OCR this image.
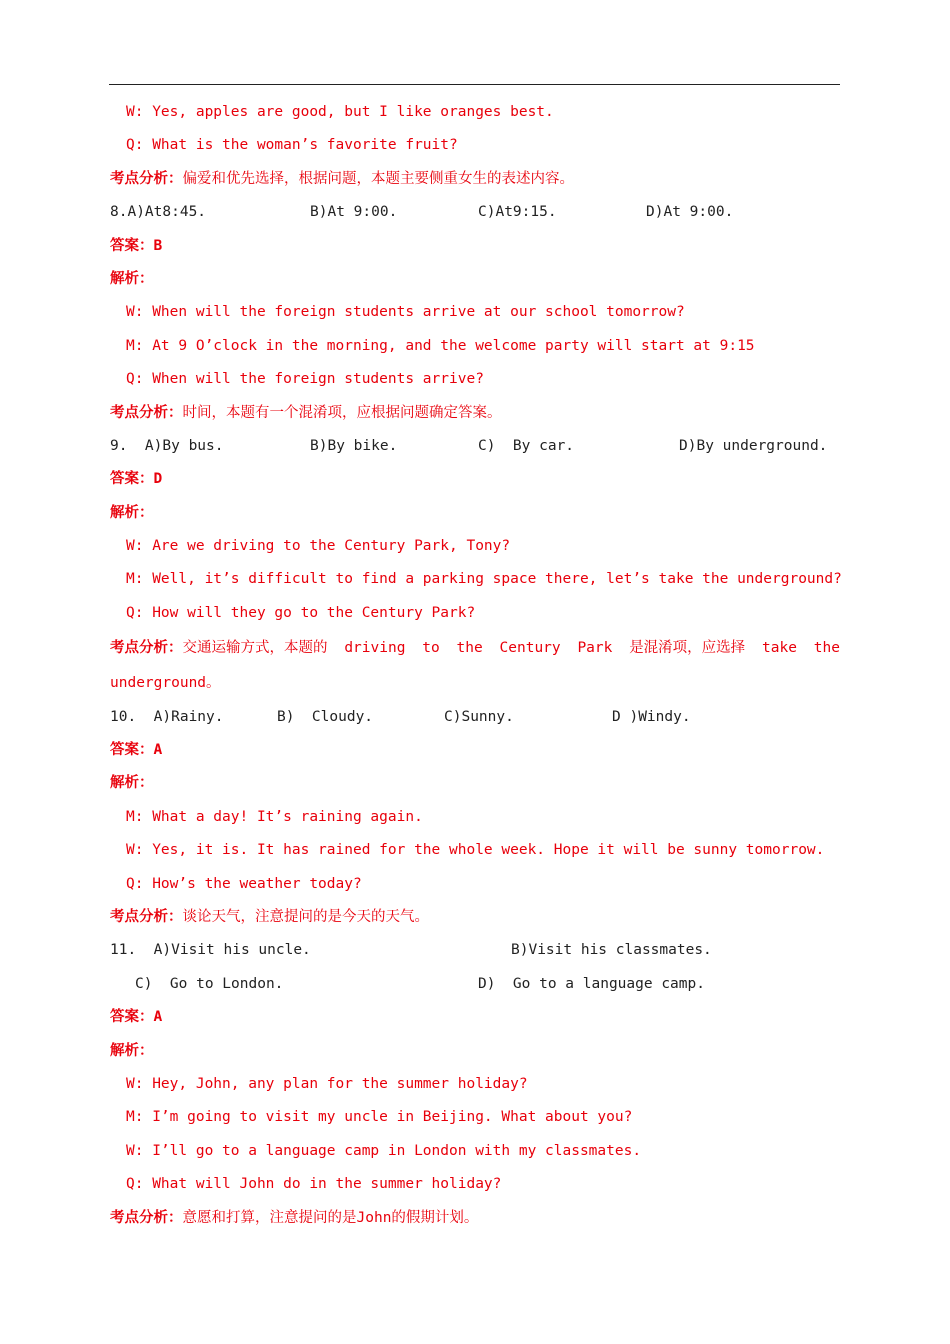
W: Yes, apples are good, but I like oranges best.
Q: What is the woman’s favorite fruit?
考点分析：偏爱和优先选择，根据问题，本题主要侧重女生的表述内容。
8.A)At8:45.	B)At 9:00.	C)At9:15.	D)At 9:00.
答案：B
解析：
W: When will the foreign students arrive at our school tomorrow?
M: At 9 O’clock in the morning, and the welcome party will start at 9:15
Q: When will the foreign students arrive?
考点分析：时间，本题有一个混淆项，应根据问题确定答案。
9.  A)By bus.	B)By bike.	C)  By car.	D)By underground.
答案：D
解析：
W: Are we driving to the Century Park, Tony?
M: Well, it’s difficult to find a parking space there, let’s take the underground?
Q: How will they go to the Century Park?
考点分析：交通运输方式，本题的 driving to the Century Park 是混淆项，应选择 take the
underground。
10.  A)Rainy.	B)  Cloudy.	C)Sunny.	D )Windy.
答案：A
解析：
M: What a day! It’s raining again.
W: Yes, it is. It has rained for the whole week. Hope it will be sunny tomorrow.
Q: How’s the weather today?
考点分析：谈论天气，注意提问的是今天的天气。
11.  A)Visit his uncle.	B)Visit his classmates.
C)  Go to London.	D)  Go to a language camp.
答案：A
解析：
W: Hey, John, any plan for the summer holiday?
M: I’m going to visit my uncle in Beijing. What about you?
W: I’ll go to a language camp in London with my classmates.
Q: What will John do in the summer holiday?
考点分析：意愿和打算，注意提问的是John的假期计划。
